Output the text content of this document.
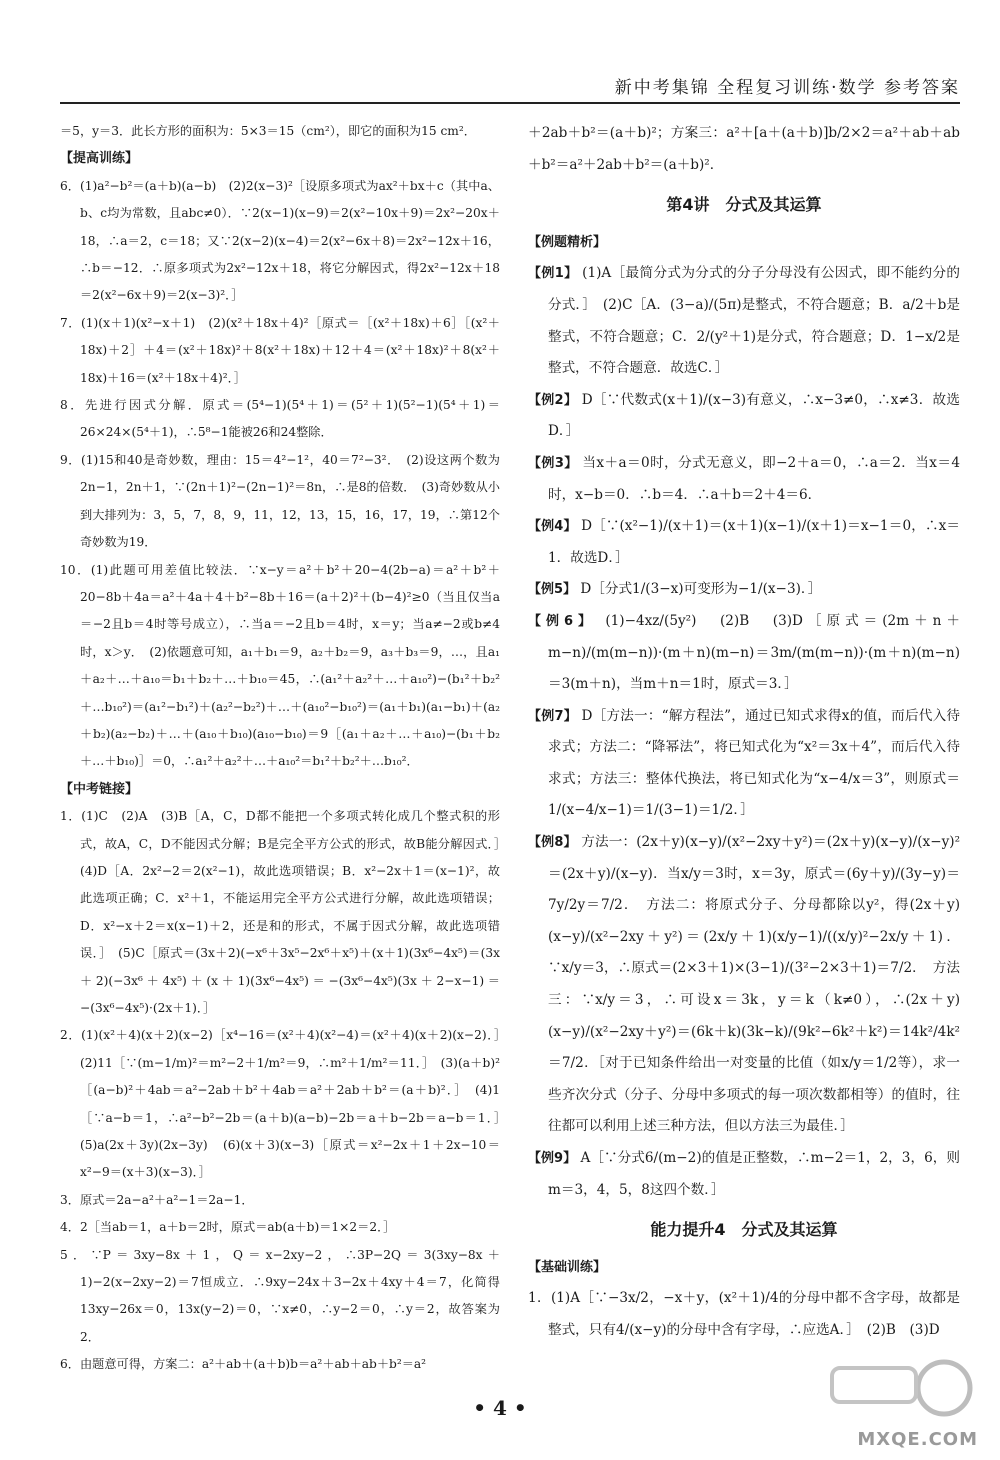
新中考集锦 全程复习训练·数学 参考答案
＝5，y＝3．此长方形的面积为：5×3＝15（cm²），即它的面积为15 cm²．
【提高训练】
6．(1)a²−b²＝(a＋b)(a−b)　(2)2(x−3)²［设原多项式为ax²＋bx＋c（其中a、b、c均为常数，且abc≠0）．∵2(x−1)(x−9)＝2(x²−10x＋9)＝2x²−20x＋18，∴a＝2，c＝18；又∵2(x−2)(x−4)＝2(x²−6x＋8)＝2x²−12x＋16，∴b＝−12．∴原多项式为2x²−12x＋18，将它分解因式，得2x²−12x＋18＝2(x²−6x＋9)＝2(x−3)²．］
7．(1)(x＋1)(x²−x＋1)　(2)(x²＋18x＋4)²［原式＝［(x²＋18x)＋6］［(x²＋18x)＋2］＋4＝(x²＋18x)²＋8(x²＋18x)＋12＋4＝(x²＋18x)²＋8(x²＋18x)＋16＝(x²＋18x＋4)²．］
8．先进行因式分解．原式＝(5⁴−1)(5⁴＋1)＝(5²＋1)(5²−1)(5⁴＋1)＝26×24×(5⁴＋1)，∴5⁸−1能被26和24整除．
9．(1)15和40是奇妙数，理由：15＝4²−1²，40＝7²−3²．　(2)设这两个数为2n−1，2n＋1，∵(2n＋1)²−(2n−1)²＝8n，∴是8的倍数．　(3)奇妙数从小到大排列为：3，5，7，8，9，11，12，13，15，16，17，19，∴第12个奇妙数为19．
10．(1)此题可用差值比较法．∵x−y＝a²＋b²＋20−4(2b−a)＝a²＋b²＋20−8b＋4a＝a²＋4a＋4＋b²−8b＋16＝(a＋2)²＋(b−4)²≥0（当且仅当a＝−2且b＝4时等号成立），∴当a＝−2且b＝4时，x＝y；当a≠−2或b≠4时，x＞y．　(2)依题意可知，a₁＋b₁＝9，a₂＋b₂＝9，a₃＋b₃＝9，…，且a₁＋a₂＋…＋a₁₀＝b₁＋b₂＋…＋b₁₀＝45，∴(a₁²＋a₂²＋…＋a₁₀²)−(b₁²＋b₂²＋…b₁₀²)＝(a₁²−b₁²)＋(a₂²−b₂²)＋…＋(a₁₀²−b₁₀²)＝(a₁＋b₁)(a₁−b₁)＋(a₂＋b₂)(a₂−b₂)＋…＋(a₁₀＋b₁₀)(a₁₀−b₁₀)＝9［(a₁＋a₂＋…＋a₁₀)−(b₁＋b₂＋…＋b₁₀)］＝0，∴a₁²＋a₂²＋…＋a₁₀²＝b₁²＋b₂²＋…b₁₀²．
【中考链接】
1．(1)C　(2)A　(3)B［A，C，D都不能把一个多项式转化成几个整式积的形式，故A，C，D不能因式分解；B是完全平方公式的形式，故B能分解因式．］　(4)D［A．2x²−2＝2(x²−1)，故此选项错误；B．x²−2x＋1＝(x−1)²，故此选项正确；C．x²＋1，不能运用完全平方公式进行分解，故此选项错误；D．x²−x＋2＝x(x−1)＋2，还是和的形式，不属于因式分解，故此选项错误．］　(5)C［原式＝(3x＋2)(−x⁶＋3x⁵−2x⁶＋x⁵)＋(x＋1)(3x⁶−4x⁵)＝(3x＋2)(−3x⁶＋4x⁵)＋(x＋1)(3x⁶−4x⁵)＝−(3x⁶−4x⁵)(3x＋2−x−1)＝−(3x⁶−4x⁵)·(2x＋1)．］
2．(1)(x²＋4)(x＋2)(x−2)［x⁴−16＝(x²＋4)(x²−4)＝(x²＋4)(x＋2)(x−2)．］　(2)11［∵(m−1/m)²＝m²−2＋1/m²＝9，∴m²＋1/m²＝11．］　(3)(a＋b)²［(a−b)²＋4ab＝a²−2ab＋b²＋4ab＝a²＋2ab＋b²＝(a＋b)²．］　(4)1［∵a−b＝1，∴a²−b²−2b＝(a＋b)(a−b)−2b＝a＋b−2b＝a−b＝1．］　(5)a(2x＋3y)(2x−3y)　(6)(x＋3)(x−3)［原式＝x²−2x＋1＋2x−10＝x²−9＝(x＋3)(x−3)．］
3．原式＝2a−a²＋a²−1＝2a−1．
4．2［当ab＝1，a＋b＝2时，原式＝ab(a＋b)＝1×2＝2．］
5．∵P＝3xy−8x＋1，Q＝x−2xy−2，∴3P−2Q＝3(3xy−8x＋1)−2(x−2xy−2)＝7恒成立．∴9xy−24x＋3−2x＋4xy＋4＝7，化简得13xy−26x＝0，13x(y−2)＝0，∵x≠0，∴y−2＝0，∴y＝2，故答案为2．
6．由题意可得，方案二：a²＋ab＋(a＋b)b＝a²＋ab＋ab＋b²＝a²
＋2ab＋b²＝(a＋b)²；方案三：a²＋[a＋(a＋b)]b/2×2＝a²＋ab＋ab＋b²＝a²＋2ab＋b²＝(a＋b)²．
第4讲　分式及其运算
【例题精析】
【例1】 (1)A［最简分式为分式的分子分母没有公因式，即不能约分的分式．］　(2)C［A．(3−a)/(5π)是整式，不符合题意；B．a/2＋b是整式，不符合题意；C．2/(y²＋1)是分式，符合题意；D．1−x/2是整式，不符合题意．故选C．］
【例2】 D［∵代数式(x＋1)/(x−3)有意义，∴x−3≠0，∴x≠3．故选D．］
【例3】 当x＋a＝0时，分式无意义，即−2＋a＝0，∴a＝2．当x＝4时，x−b＝0．∴b＝4．∴a＋b＝2＋4＝6．
【例4】 D［∵(x²−1)/(x＋1)＝(x＋1)(x−1)/(x＋1)＝x−1＝0，∴x＝1．故选D．］
【例5】 D［分式1/(3−x)可变形为−1/(x−3)．］
【例6】 (1)−4xz/(5y²)　(2)B　(3)D［原式＝(2m＋n＋m−n)/(m(m−n))·(m＋n)(m−n)＝3m/(m(m−n))·(m＋n)(m−n)＝3(m＋n)，当m＋n＝1时，原式＝3．］
【例7】 D［方法一：“解方程法”，通过已知式求得x的值，而后代入待求式；方法二：“降幂法”，将已知式化为“x²＝3x＋4”，而后代入待求式；方法三：整体代换法，将已知式化为“x−4/x＝3”，则原式＝1/(x−4/x−1)＝1/(3−1)＝1/2．］
【例8】 方法一：(2x＋y)(x−y)/(x²−2xy＋y²)＝(2x＋y)(x−y)/(x−y)²＝(2x＋y)/(x−y)．当x/y＝3时，x＝3y，原式＝(6y＋y)/(3y−y)＝7y/2y＝7/2．　方法二：将原式分子、分母都除以y²，得(2x＋y)(x−y)/(x²−2xy＋y²)＝(2x/y＋1)(x/y−1)/((x/y)²−2x/y＋1)．∵x/y＝3，∴原式＝(2×3＋1)×(3−1)/(3²−2×3＋1)＝7/2．　方法三：∵x/y＝3，∴可设x＝3k，y＝k（k≠0），∴(2x＋y)(x−y)/(x²−2xy＋y²)＝(6k＋k)(3k−k)/(9k²−6k²＋k²)＝14k²/4k²＝7/2．［对于已知条件给出一对变量的比值（如x/y＝1/2等），求一些齐次分式（分子、分母中多项式的每一项次数都相等）的值时，往往都可以利用上述三种方法，但以方法三为最佳．］
【例9】 A［∵分式6/(m−2)的值是正整数，∴m−2＝1，2，3，6，则m＝3，4，5，8这四个数．］
能力提升4　分式及其运算
【基础训练】
1．(1)A［∵−3x/2，−x＋y，(x²＋1)/4的分母中都不含字母，故都是整式，只有4/(x−y)的分母中含有字母，∴应选A．］　(2)B　(3)D
• 4 •
MXQE.COM
